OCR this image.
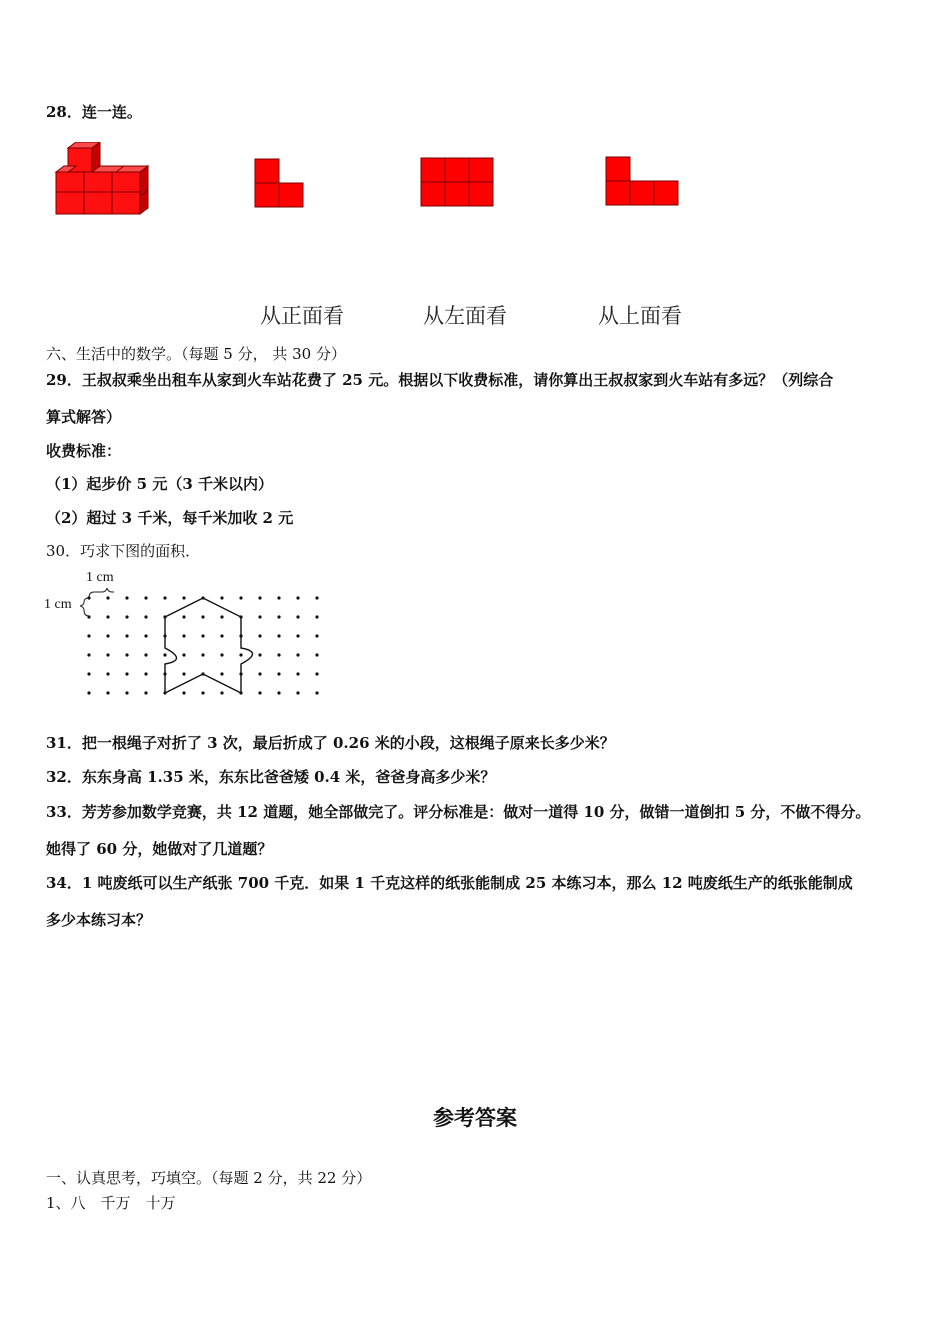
28．连一连。
从正面看	从左面看	从上面看
六、生活中的数学。（每题 5 分， 共 30 分）
29．王叔叔乘坐出租车从家到火车站花费了 25 元。根据以下收费标准，请你算出王叔叔家到火车站有多远？（列综合
算式解答）
收费标准：
（1）起步价 5 元（3 千米以内）
（2）超过 3 千米，每千米加收 2 元
30．巧求下图的面积．
1 cm
1 cm
31．把一根绳子对折了 3 次，最后折成了 0.26 米的小段，这根绳子原来长多少米？
32．东东身高 1.35 米，东东比爸爸矮 0.4 米，爸爸身高多少米？
33．芳芳参加数学竞赛，共 12 道题，她全部做完了。评分标准是：做对一道得 10 分，做错一道倒扣 5 分，不做不得分。
她得了 60 分，她做对了几道题？
34．1 吨废纸可以生产纸张 700 千克．如果 1 千克这样的纸张能制成 25 本练习本，那么 12 吨废纸生产的纸张能制成
多少本练习本？
参考答案
一、认真思考，巧填空。（每题 2 分，共 22 分）
1、八　千万　十万
